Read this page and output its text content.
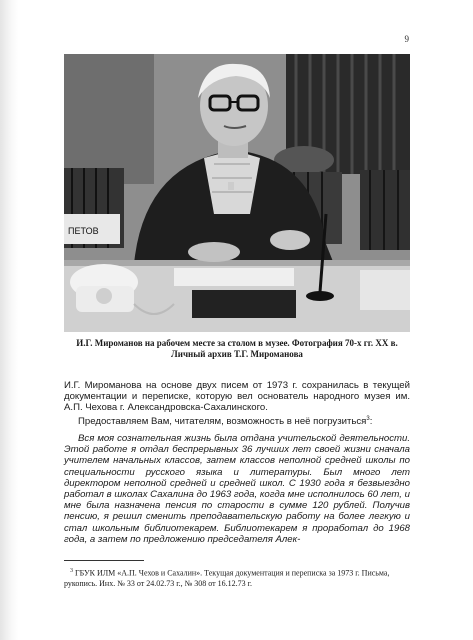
9
ПЕТОВ
И.Г. Мироманов на рабочем месте за столом в музее. Фотография 70-х гг. ХХ в.
Личный архив Т.Г. Мироманова

И.Г. Мироманова на основе двух писем от 1973 г. сохранилась в текущей документации и переписке, которую вел основатель народного музея им. А.П. Чехова г. Александровска-Сахалинского.

Предоставляем Вам, читателям, возможность в неё погрузиться$^3$:

Вся моя сознательная жизнь была отдана учительской деятельности. Этой работе я отдал беспрерывных 36 лучших лет своей жизни сначала учителем начальных классов, затем классов неполной средней школы по специальности русского языка и литературы. Был много лет директором неполной средней и средней школ. С 1930 года я безвыездно работал в школах Сахалина до 1963 года, когда мне исполнилось 60 лет, и мне была назначена пенсия по старости в сумме 120 рублей. Получив пенсию, я решил сменить преподавательскую работу на более легкую и стал школьным библиотекарем. Библиотекарем я проработал до 1968 года, а затем по предложению председателя Алек-

$^3$ ГБУК ИЛМ «А.П. Чехов и Сахалин». Текущая документация и переписка за 1973 г. Письма, рукопись. Инх. № 33 от 24.02.73 г., № 308 от 16.12.73 г.
